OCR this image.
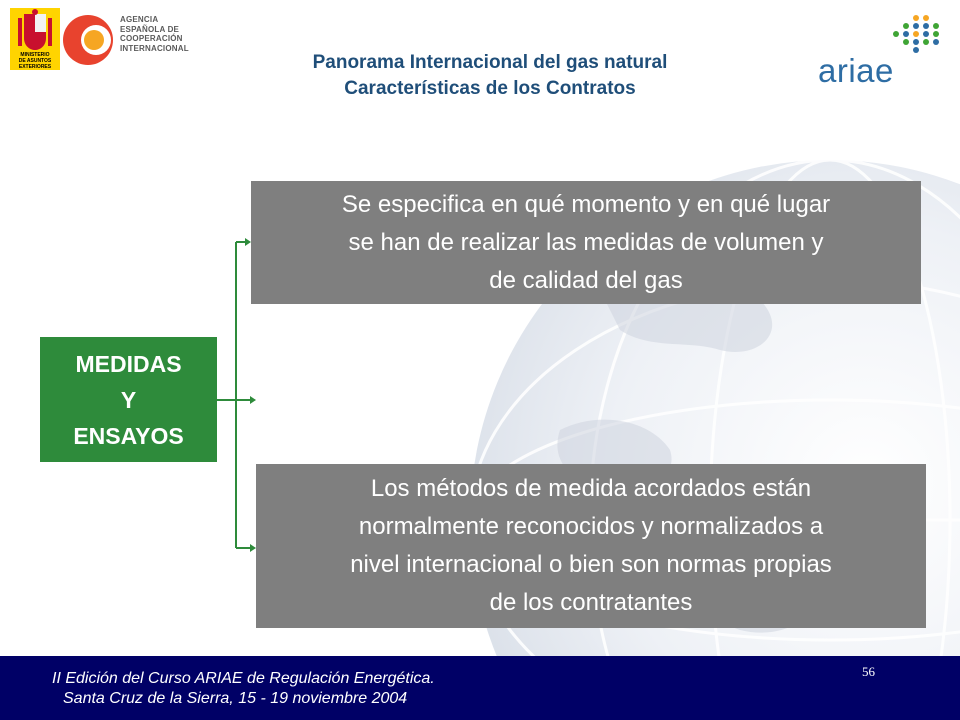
MINISTERIO
DE ASUNTOS
EXTERIORES
AGENCIA
ESPAÑOLA DE
COOPERACIÓN
INTERNACIONAL
Panorama Internacional del gas natural
Características de los Contratos	ariae
MEDIDAS
Y
ENSAYOS
Se especifica en qué momento y en qué lugar
se han de realizar las medidas de volumen y
de calidad del gas
Los métodos de medida acordados están
normalmente reconocidos y normalizados a
nivel internacional o bien son normas propias
de los contratantes
II Edición del Curso ARIAE de Regulación Energética.
Santa Cruz de la Sierra, 15 - 19 noviembre 2004
56
